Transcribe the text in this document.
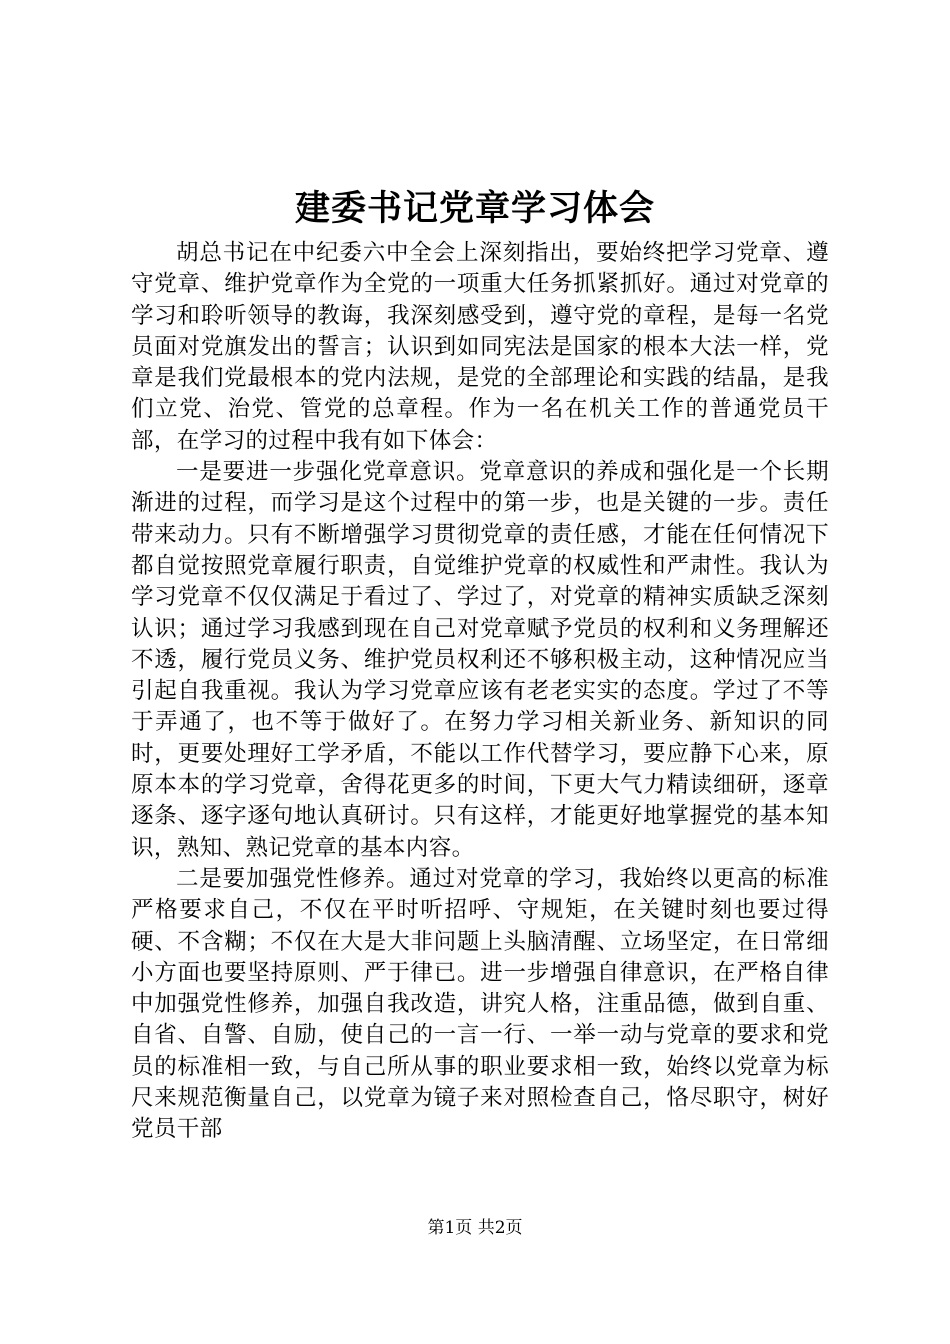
建委书记党章学习体会

胡总书记在中纪委六中全会上深刻指出，要始终把学习党章、遵守党章、维护党章作为全党的一项重大任务抓紧抓好。通过对党章的学习和聆听领导的教诲，我深刻感受到，遵守党的章程，是每一名党员面对党旗发出的誓言；认识到如同宪法是国家的根本大法一样，党章是我们党最根本的党内法规，是党的全部理论和实践的结晶，是我们立党、治党、管党的总章程。作为一名在机关工作的普通党员干部，在学习的过程中我有如下体会：

一是要进一步强化党章意识。党章意识的养成和强化是一个长期渐进的过程，而学习是这个过程中的第一步，也是关键的一步。责任带来动力。只有不断增强学习贯彻党章的责任感，才能在任何情况下都自觉按照党章履行职责，自觉维护党章的权威性和严肃性。我认为学习党章不仅仅满足于看过了、学过了，对党章的精神实质缺乏深刻认识；通过学习我感到现在自己对党章赋予党员的权利和义务理解还不透，履行党员义务、维护党员权利还不够积极主动，这种情况应当引起自我重视。我认为学习党章应该有老老实实的态度。学过了不等于弄通了，也不等于做好了。在努力学习相关新业务、新知识的同时，更要处理好工学矛盾，不能以工作代替学习，要应静下心来，原原本本的学习党章，舍得花更多的时间，下更大气力精读细研，逐章逐条、逐字逐句地认真研讨。只有这样，才能更好地掌握党的基本知识，熟知、熟记党章的基本内容。

二是要加强党性修养。通过对党章的学习，我始终以更高的标准严格要求自己，不仅在平时听招呼、守规矩，在关键时刻也要过得硬、不含糊；不仅在大是大非问题上头脑清醒、立场坚定，在日常细小方面也要坚持原则、严于律已。进一步增强自律意识，在严格自律中加强党性修养，加强自我改造，讲究人格，注重品德，做到自重、自省、自警、自励，使自己的一言一行、一举一动与党章的要求和党员的标准相一致，与自己所从事的职业要求相一致，始终以党章为标尺来规范衡量自己，以党章为镜子来对照检查自己，恪尽职守，树好党员干部

第1页 共2页
